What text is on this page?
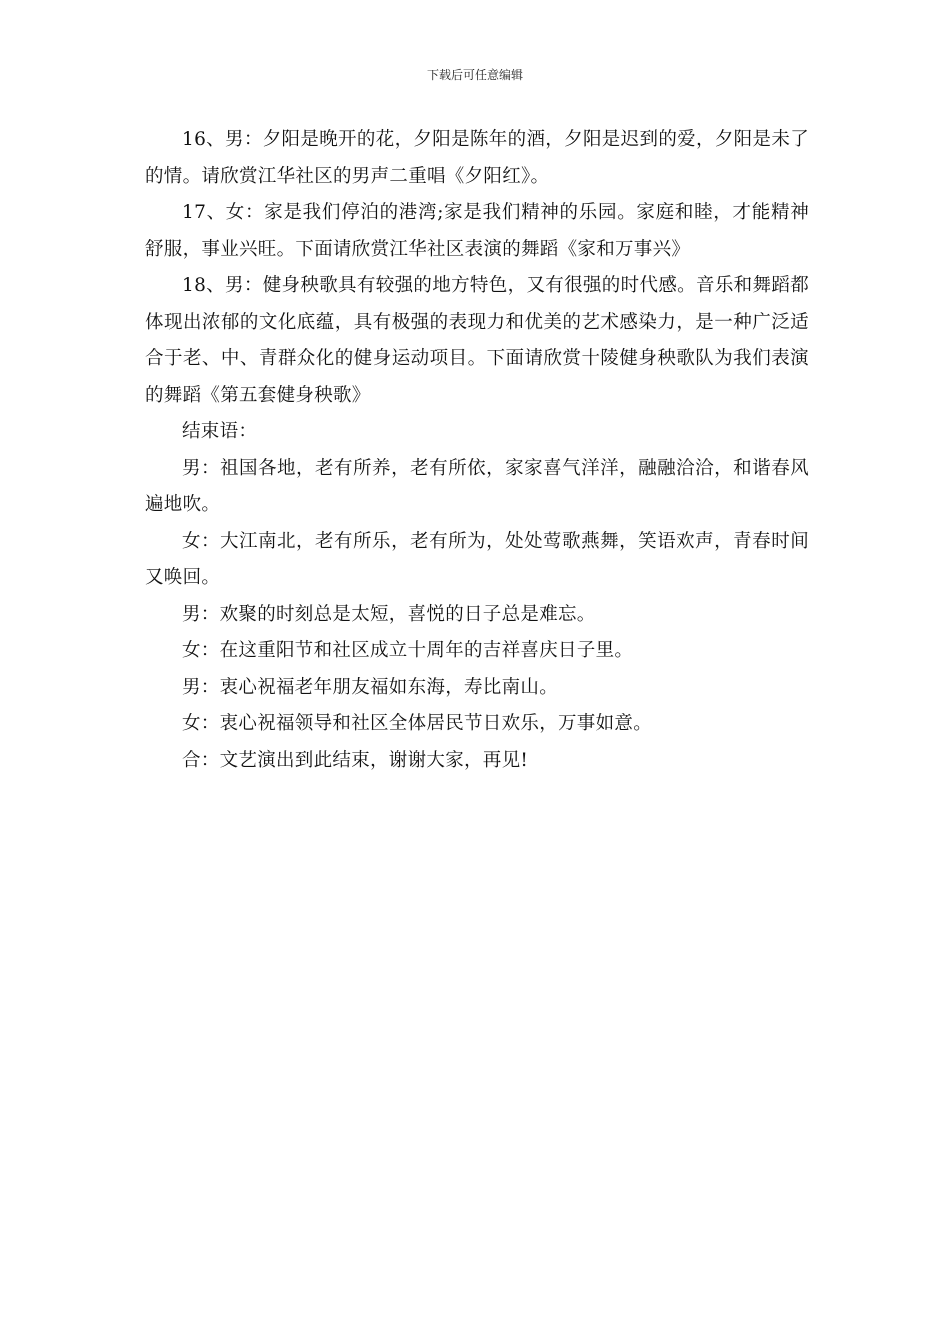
下载后可任意编辑

16、男：夕阳是晚开的花，夕阳是陈年的酒，夕阳是迟到的爱，夕阳是未了的情。请欣赏江华社区的男声二重唱《夕阳红》。

17、女：家是我们停泊的港湾;家是我们精神的乐园。家庭和睦，才能精神舒服，事业兴旺。下面请欣赏江华社区表演的舞蹈《家和万事兴》

18、男：健身秧歌具有较强的地方特色，又有很强的时代感。音乐和舞蹈都体现出浓郁的文化底蕴，具有极强的表现力和优美的艺术感染力，是一种广泛适合于老、中、青群众化的健身运动项目。下面请欣赏十陵健身秧歌队为我们表演的舞蹈《第五套健身秧歌》

结束语：

男：祖国各地，老有所养，老有所依，家家喜气洋洋，融融洽洽，和谐春风遍地吹。

女：大江南北，老有所乐，老有所为，处处莺歌燕舞，笑语欢声，青春时间又唤回。

男：欢聚的时刻总是太短，喜悦的日子总是难忘。

女：在这重阳节和社区成立十周年的吉祥喜庆日子里。

男：衷心祝福老年朋友福如东海，寿比南山。

女：衷心祝福领导和社区全体居民节日欢乐，万事如意。

合：文艺演出到此结束，谢谢大家，再见!
